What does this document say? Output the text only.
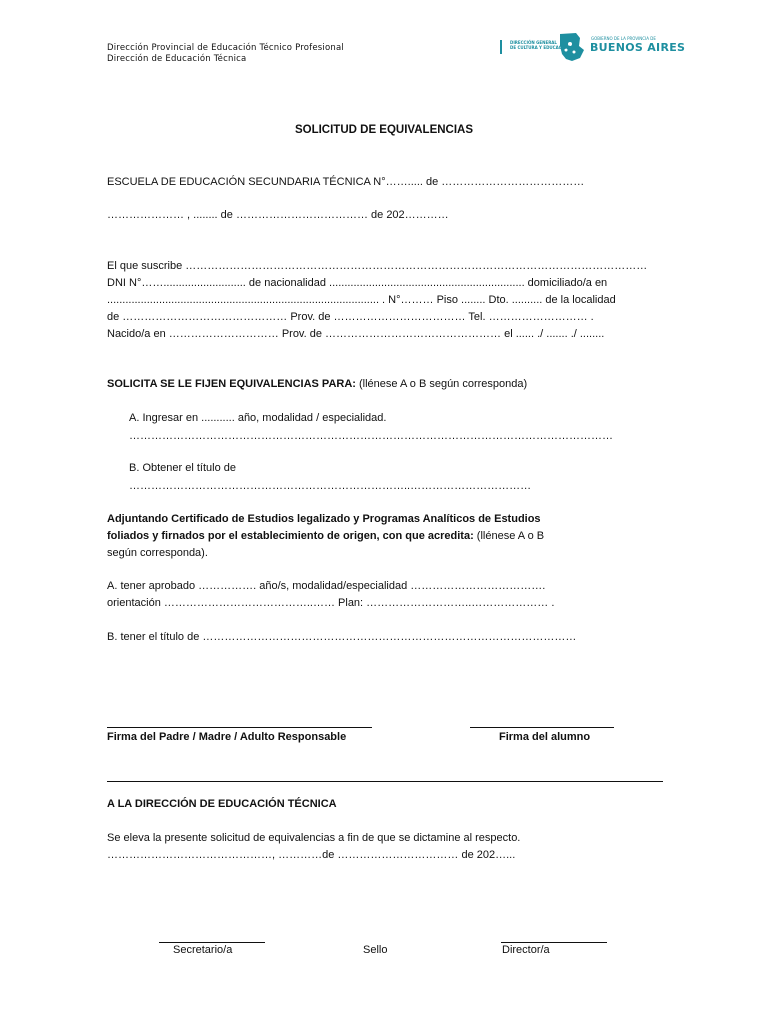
Dirección Provincial de Educación Técnico Profesional
Dirección de Educación Técnica
DIRECCIÓN GENERAL
DE CULTURA Y EDUCACIÓN
GOBIERNO DE LA PROVINCIA DE
BUENOS AIRES
SOLICITUD DE EQUIVALENCIAS
ESCUELA DE EDUCACIÓN SECUNDARIA TÉCNICA N°……..... de …………………………………
………………… , ........ de ……………………………… de 202…………
El que suscribe ………………………………………………………………………………………………………………
DNI N°……........................... de nacionalidad ................................................................ domiciliado/a en
......................................................................................... . N°……… Piso ........ Dto. .......... de la localidad
de ……………………………………… Prov. de ……………………………… Tel. ……………………… .
Nacido/a en ………………………… Prov. de ………………………………………… el ...... ./ ....... ./ ........
SOLICITA SE LE FIJEN EQUIVALENCIAS PARA: (llénese A o B según corresponda)
A. Ingresar en ........... año, modalidad / especialidad.
……………………………………………………………………………………………………………………
B. Obtener el título de
…………………………………………………………………..……………………………
Adjuntando Certificado de Estudios legalizado y Programas Analíticos de Estudios
foliados y firnados por el establecimiento de origen, con que acredita: (llénese A o B
según corresponda).
A. tener aprobado ……………. año/s, modalidad/especialidad ……………………………….
orientación …………………………………..…… Plan: ………………………..………………… .
B. tener el título de …………………………………………………………………………………………
Firma del Padre / Madre / Adulto Responsable	Firma del alumno
A LA DIRECCIÓN DE EDUCACIÓN TÉCNICA
Se eleva la presente solicitud de equivalencias a fin de que se dictamine al respecto.
………………………………………, …………de …………………………… de 202…...
Secretario/a	Sello	Director/a
